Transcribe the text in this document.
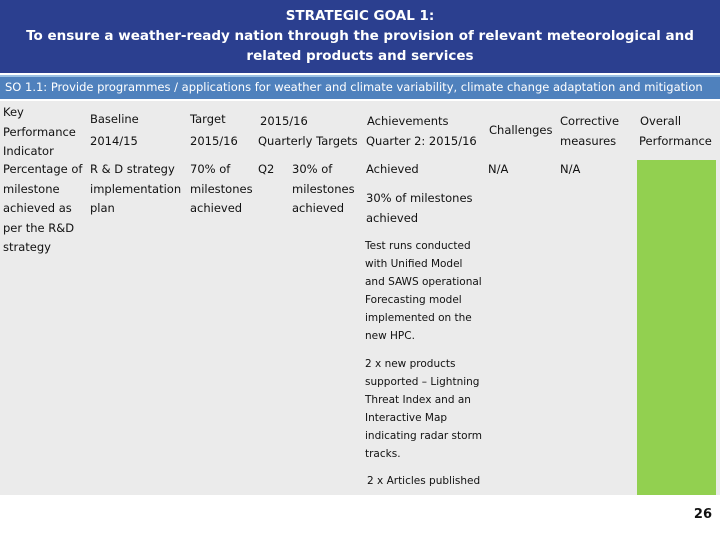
STRATEGIC GOAL 1:
To ensure a weather-ready nation through the provision of relevant meteorological and
related products and services
SO 1.1: Provide programmes / applications for weather and climate variability, climate change adaptation and mitigation
Key
Performance
Indicator
Baseline
2014/15
Target
2015/16
2015/16
Quarterly Targets
Achievements
Quarter 2: 2015/16
Challenges
Corrective
measures
Overall
Performance
Percentage of
milestone
achieved as
per the R&D
strategy
R & D strategy
implementation
plan
70% of
milestones
achieved
Q2 30% of
milestones
achieved
Achieved
30% of milestones
achieved
Test runs conducted
with Unified Model
and SAWS operational
Forecasting model
implemented on the
new HPC.
2 x new products
supported – Lightning
Threat Index and an
Interactive Map
indicating radar storm
tracks.
2 x Articles published
N/A	N/A
26
